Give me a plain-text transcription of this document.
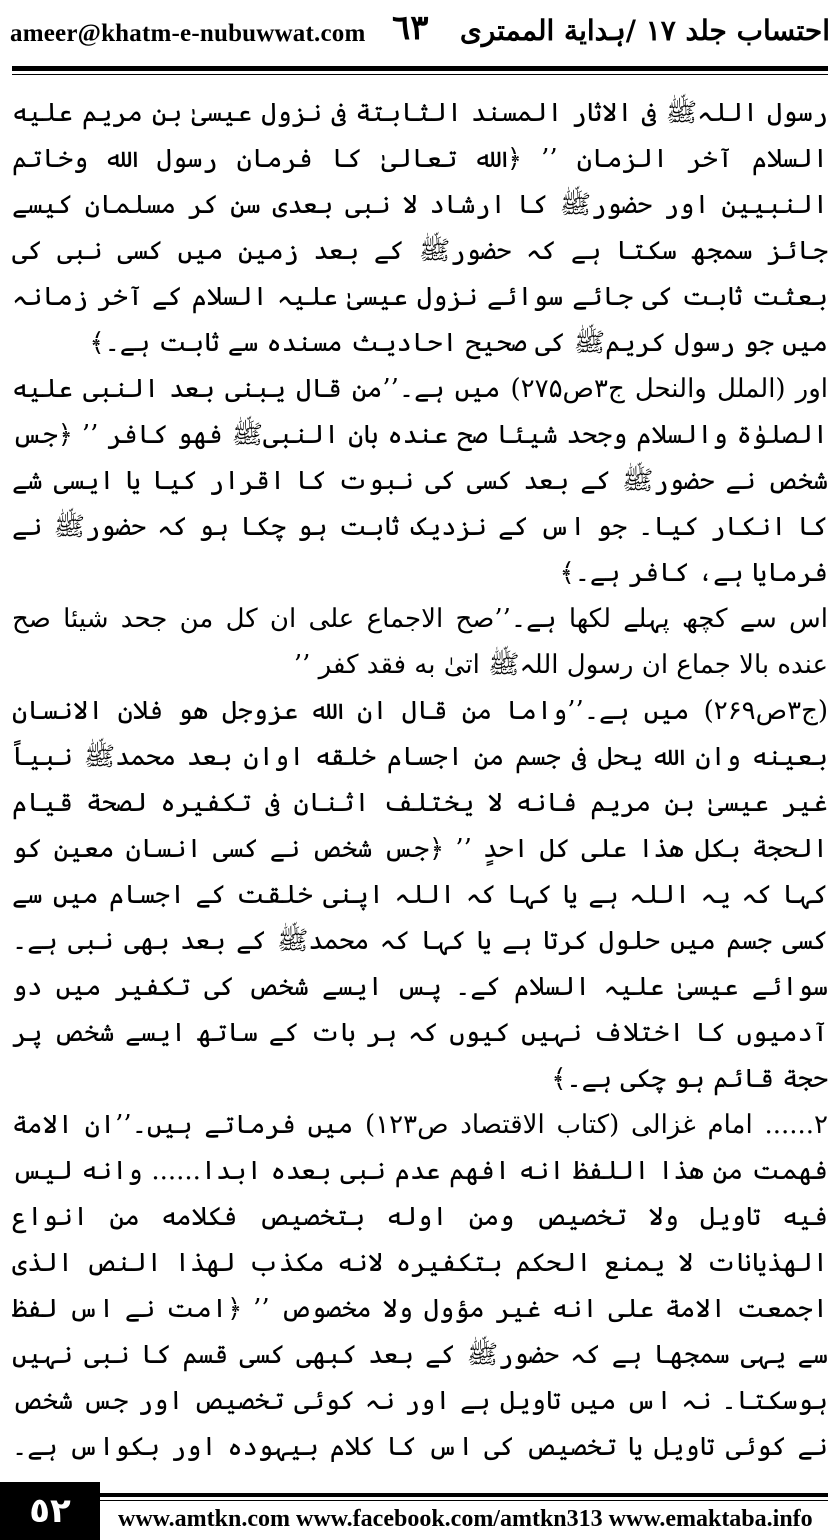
ameer@khatm-e-nubuwwat.com ٦٣ احتساب جلد ١٧ /ہدایة الممتری

رسول اللہﷺ فی الاثار المسند الثابتة فی نزول عیسیٰ بن مریم علیه السلام آخر الزمان ’’ ﴿الله تعالیٰ کا فرمان رسول الله وخاتم النبیین اور حضورﷺ کا ارشاد لا نبی بعدی سن کر مسلمان کیسے جائز سمجھ سکتا ہے کہ حضورﷺ کے بعد زمین میں کسی نبی کی بعثت ثابت کی جائے سوائے نزول عیسیٰ علیہ السلام کے آخر زمانہ میں جو رسول کریمﷺ کی صحیح احادیث مسندہ سے ثابت ہے۔﴾

اور (الملل والنحل ج۳ص۲۷۵) میں ہے۔’’من قال یبنی بعد النبی علیه الصلوٰة والسلام وجحد شیئا صح عنده بان النبیﷺ فهو کافر ’’ ﴿جس شخص نے حضورﷺ کے بعد کسی کی نبوت کا اقرار کیا یا ایسی شے کا انکار کیا۔ جو اس کے نزدیک ثابت ہو چکا ہو کہ حضورﷺ نے فرمایا ہے، کافر ہے۔﴾

اس سے کچھ پہلے لکھا ہے۔’’صح الاجماع علی ان کل من جحد شیئا صح عنده بالا جماع ان رسول اللہﷺ اتیٰ به فقد کفر ’’

(ج۳ص۲۶۹) میں ہے۔’’واما من قال ان الله عزوجل هو فلان الانسان بعینه وان الله یحل فی جسم من اجسام خلقه اوان بعد محمدﷺ نبیاً غیر عیسیٰ بن مریم فانه لا یختلف اثنان فی تکفیره لصحة قیام الحجة بکل هذا علی کل احدٍ ’’ ﴿جس شخص نے کسی انسان معین کو کہا کہ یہ اللہ ہے یا کہا کہ اللہ اپنی خلقت کے اجسام میں سے کسی جسم میں حلول کرتا ہے یا کہا کہ محمدﷺ کے بعد بھی نبی ہے۔ سوائے عیسیٰ علیہ السلام کے۔ پس ایسے شخص کی تکفیر میں دو آدمیوں کا اختلاف نہیں کیوں کہ ہر بات کے ساتھ ایسے شخص پر حجة قائم ہو چکی ہے۔﴾

۲...... امام غزالی (کتاب الاقتصاد ص۱۲۳) میں فرماتے ہیں۔’’ان الامة فهمت من هذا اللفظ انه افهم عدم نبی بعده ابدا...... وانه لیس فیه تاویل ولا تخصیص ومن اوله بتخصیص فکلامه من انواع الهذیانات لا یمنع الحکم بتکفیره لانه مکذب لهذا النص الذی اجمعت الامة علی انه غیر مؤول ولا مخصوص ’’ ﴿امت نے اس لفظ سے یہی سمجھا ہے کہ حضورﷺ کے بعد کبھی کسی قسم کا نبی نہیں ہوسکتا۔ نہ اس میں تاویل ہے اور نہ کوئی تخصیص اور جس شخص نے کوئی تاویل یا تخصیص کی اس کا کلام بیہودہ اور بکواس ہے۔

٥٢	www.amtkn.com www.facebook.com/amtkn313 www.emaktaba.info
